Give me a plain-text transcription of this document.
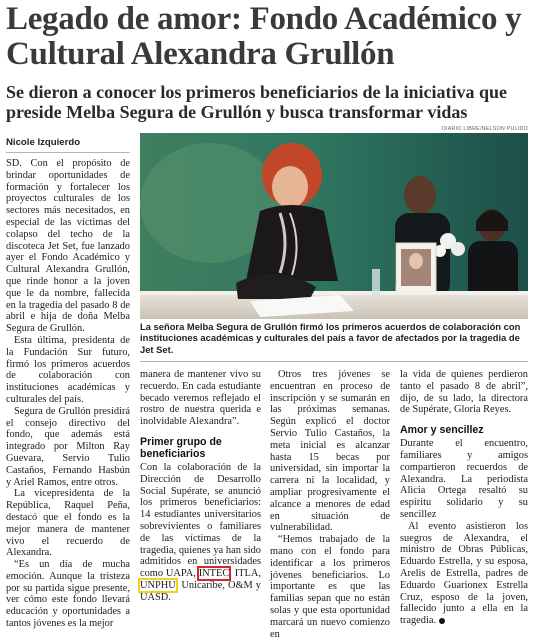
Legado de amor: Fondo Académico y Cultural Alexandra Grullón
Se dieron a conocer los primeros beneficiarios de la iniciativa que preside Melba Segura de Grullón y busca transformar vidas
Nicole Izquierdo
DIARIO LIBRE/NELSON PULIDO
La señora Melba Segura de Grullón firmó los primeros acuerdos de colaboración con instituciones académicas y culturales del país a favor de afectados por la tragedia de Jet Set.

SD. Con el propósito de brindar oportunidades de formación y fortalecer los proyectos culturales de los sectores más necesitados, en especial de las víctimas del colapso del techo de la discoteca Jet Set, fue lanzado ayer el Fondo Académico y Cultural Alexandra Grullón, que rinde honor a la joven que le da nombre, fallecida en la tragedia del pasado 8 de abril e hija de doña Melba Segura de Grullón.

Esta última, presidenta de la Fundación Sur futuro, firmó los primeros acuerdos de colaboración con instituciones académicas y culturales del país.

Segura de Grullón presidirá el consejo directivo del fondo, que además está integrado por Milton Ray Guevara, Servio Tulio Castaños, Fernando Hasbún y Ariel Ramos, entre otros.

La vicepresidenta de la República, Raquel Peña, destacó que el fondo es la mejor manera de mantener vivo el recuerdo de Alexandra.

“Es un día de mucha emoción. Aunque la tristeza por su partida sigue presente, ver cómo este fondo llevará educación y oportunidades a tantos jóvenes es la mejor

manera de mantener vivo su recuerdo. En cada estudiante becado veremos reflejado el rostro de nuestra querida e inolvidable Alexandra”.

Primer grupo de beneficiarios

Con la colaboración de la Dirección de Desarrollo Social Supérate, se anunció los primeros beneficiarios: 14 estudiantes universitarios sobrevivientes o familiares de las víctimas de la tragedia, quienes ya han sido admitidos en universidades como UAPA, INTEC, ITLA, UNPHU, Unicaribe, O&M y UASD.

Otros tres jóvenes se encuentran en proceso de inscripción y se sumarán en las próximas semanas. Según explicó el doctor Servio Tulio Castaños, la meta inicial es alcanzar hasta 15 becas por universidad, sin importar la carrera ni la localidad, y ampliar progresivamente el alcance a menores de edad en situación de vulnerabilidad.

“Hemos trabajado de la mano con el fondo para identificar a los primeros jóvenes beneficiarios. Lo importante es que las familias sepan que no están solas y que esta oportunidad marcará un nuevo comienzo en

la vida de quienes perdieron tanto el pasado 8 de abril”, dijo, de su lado, la directora de Supérate, Gloria Reyes.

Amor y sencillez

Durante el encuentro, familiares y amigos compartieron recuerdos de Alexandra. La periodista Alicia Ortega resaltó su espíritu solidario y su sencillez

Al evento asistieron los suegros de Alexandra, el ministro de Obras Públicas, Eduardo Estrella, y su esposa, Arelis de Estrella, padres de Eduardo Guarionex Estrella Cruz, esposo de la joven, fallecido junto a ella en la tragedia.
